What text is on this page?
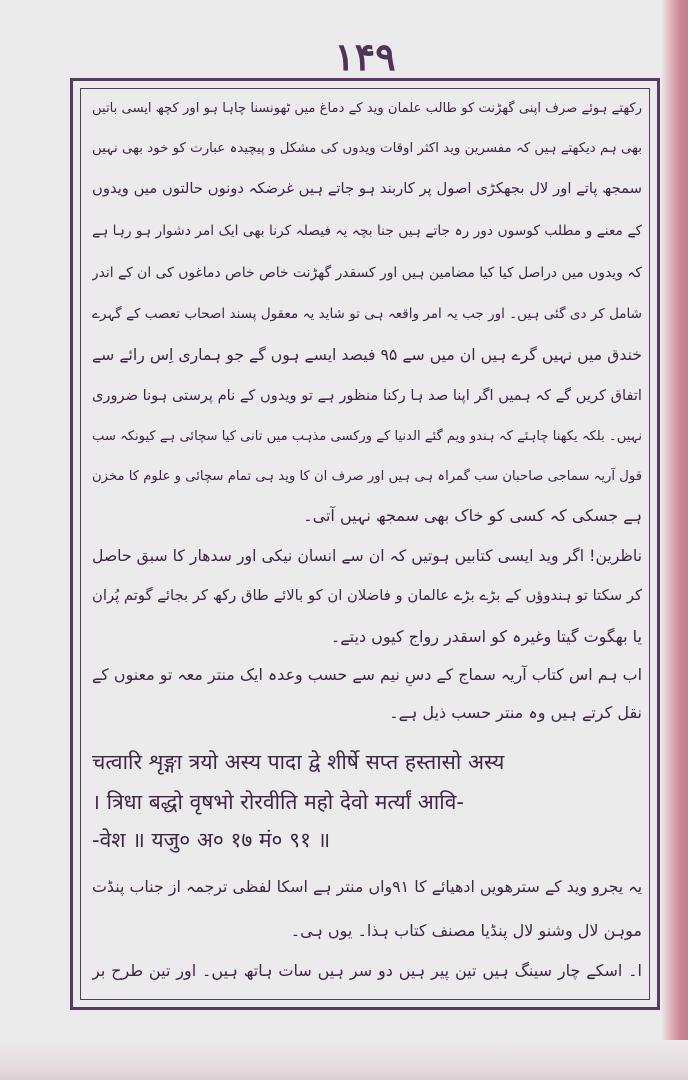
۱۴۹
رکھتے ہوئے صرف اپنی گھڑنت کو طالب علمان وید کے دماغ میں ٹھونسنا چاہا ہو اور کچھ ایسی باتیں
بھی ہم دیکھتے ہیں کہ مفسرین وید اکثر اوقات ویدوں کی مشکل و پیچیدہ عبارت کو خود بھی نہیں
سمجھ پاتے اور لال بجھکڑی اصول پر کاربند ہو جاتے ہیں غرضکہ دونوں حالتوں میں ویدوں
کے معنے و مطلب کوسوں دور رہ جاتے ہیں جنا بچہ یہ فیصلہ کرنا بھی ایک امر دشوار ہو رہا ہے
کہ ویدوں میں دراصل کیا کیا مضامین ہیں اور کسقدر گھڑنت خاص خاص دماغوں کی ان کے اندر
شامل کر دی گئی ہیں۔ اور جب یہ امر واقعہ ہی تو شاید یہ معقول پسند اصحاب تعصب کے گہرے
خندق میں نہیں گرے ہیں ان میں سے ۹۵ فیصد ایسے ہوں گے جو ہماری اِس رائے سے
اتفاق کریں گے کہ ہمیں اگر اپنا صد ہا رکنا منظور ہے تو ویدوں کے نام پرستی ہونا ضروری
نہیں۔ بلکہ یکھنا چاہئے کہ ہندو ویم گئے الدنیا کے ورکسی مذہب میں تانی کیا سچائی ہے کیونکہ سب
قول آریہ سماجی صاحبان سب گمراہ ہی ہیں اور صرف ان کا وید ہی تمام سچائی و علوم کا مخزن
ہے جسکی کہ کسی کو خاک بھی سمجھ نہیں آتی۔
ناظرین! اگر وید ایسی کتابیں ہوتیں کہ ان سے انسان نیکی اور سدھار کا سبق حاصل
کر سکتا تو ہندوؤں کے بڑے بڑے عالمان و فاضلان ان کو بالائے طاق رکھ کر بجائے گوتم پُران
یا بھگوت گیتا وغیرہ کو اسقدر رواج کیوں دیتے۔
اب ہم اس کتاب آریہ سماج کے دسِ نیم سے حسب وعدہ ایک منتر معہ تو معنوں کے
نقل کرتے ہیں وہ منتر حسب ذیل ہے۔
चत्वारि शृङ्गा त्रयो अस्य पादा द्वे शीर्षे सप्त हस्तासो अस्य
। त्रिधा बद्धो वृषभो रोरवीति महो देवो मर्त्यां आवि-
-वेश ॥ यजु० अ० १७ मं० ९१ ॥
یہ یجرو وید کے سترھویں ادھیائے کا ۹۱واں منتر ہے اسکا لفظی ترجمہ از جناب پنڈت
موہن لال وشنو لال پنڈیا مصنف کتاب ہذا۔ یوں ہی۔
ا۔ اسکے چار سینگ ہیں تین پیر ہیں دو سر ہیں سات ہاتھ ہیں۔ اور تین طرح بر
